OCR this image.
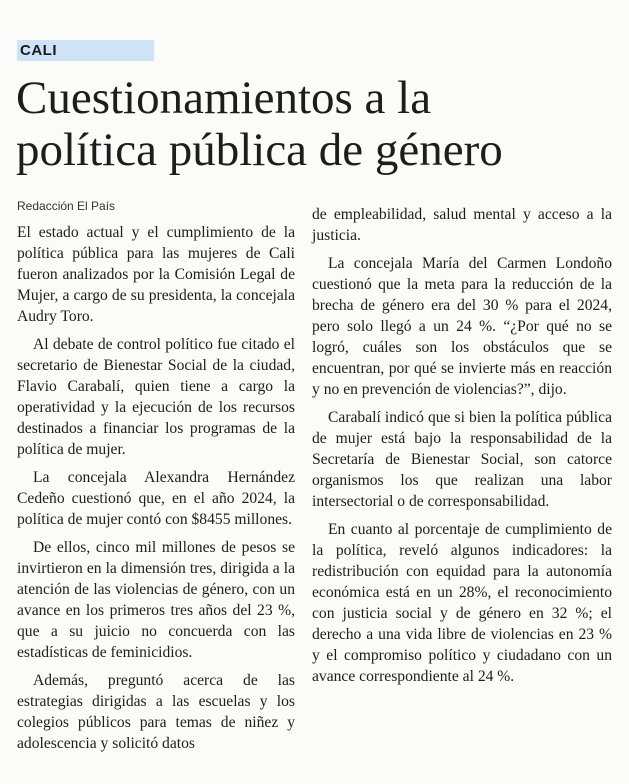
CALI
Cuestionamientos a la
política pública de género
Redacción El País

El estado actual y el cumplimiento de la política pública para las mujeres de Cali fueron analizados por la Comisión Legal de Mujer, a cargo de su presidenta, la concejala Audry Toro.

Al debate de control político fue citado el secretario de Bienestar Social de la ciudad, Flavio Carabalí, quien tiene a cargo la operatividad y la ejecución de los recursos destinados a financiar los programas de la política de mujer.

La concejala Alexandra Hernández Cedeño cuestionó que, en el año 2024, la política de mujer contó con $8455 millones.

De ellos, cinco mil millones de pesos se invirtieron en la dimensión tres, dirigida a la atención de las violencias de género, con un avance en los primeros tres años del 23 %, que a su juicio no concuerda con las estadísticas de feminicidios.

Además, preguntó acerca de las estrategias dirigidas a las escuelas y los colegios públicos para temas de niñez y adolescencia y solicitó datos

de empleabilidad, salud mental y acceso a la justicia.

La concejala María del Carmen Londoño cuestionó que la meta para la reducción de la brecha de género era del 30 % para el 2024, pero solo llegó a un 24 %. “¿Por qué no se logró, cuáles son los obstáculos que se encuentran, por qué se invierte más en reacción y no en prevención de violencias?”, dijo.

Carabalí indicó que si bien la política pública de mujer está bajo la responsabilidad de la Secretaría de Bienestar Social, son catorce organismos los que realizan una labor intersectorial o de corresponsabilidad.

En cuanto al porcentaje de cumplimiento de la política, reveló algunos indicadores: la redistribución con equidad para la autonomía económica está en un 28%, el reconocimiento con justicia social y de género en 32 %; el derecho a una vida libre de violencias en 23 % y el compromiso político y ciudadano con un avance correspondiente al 24 %.
